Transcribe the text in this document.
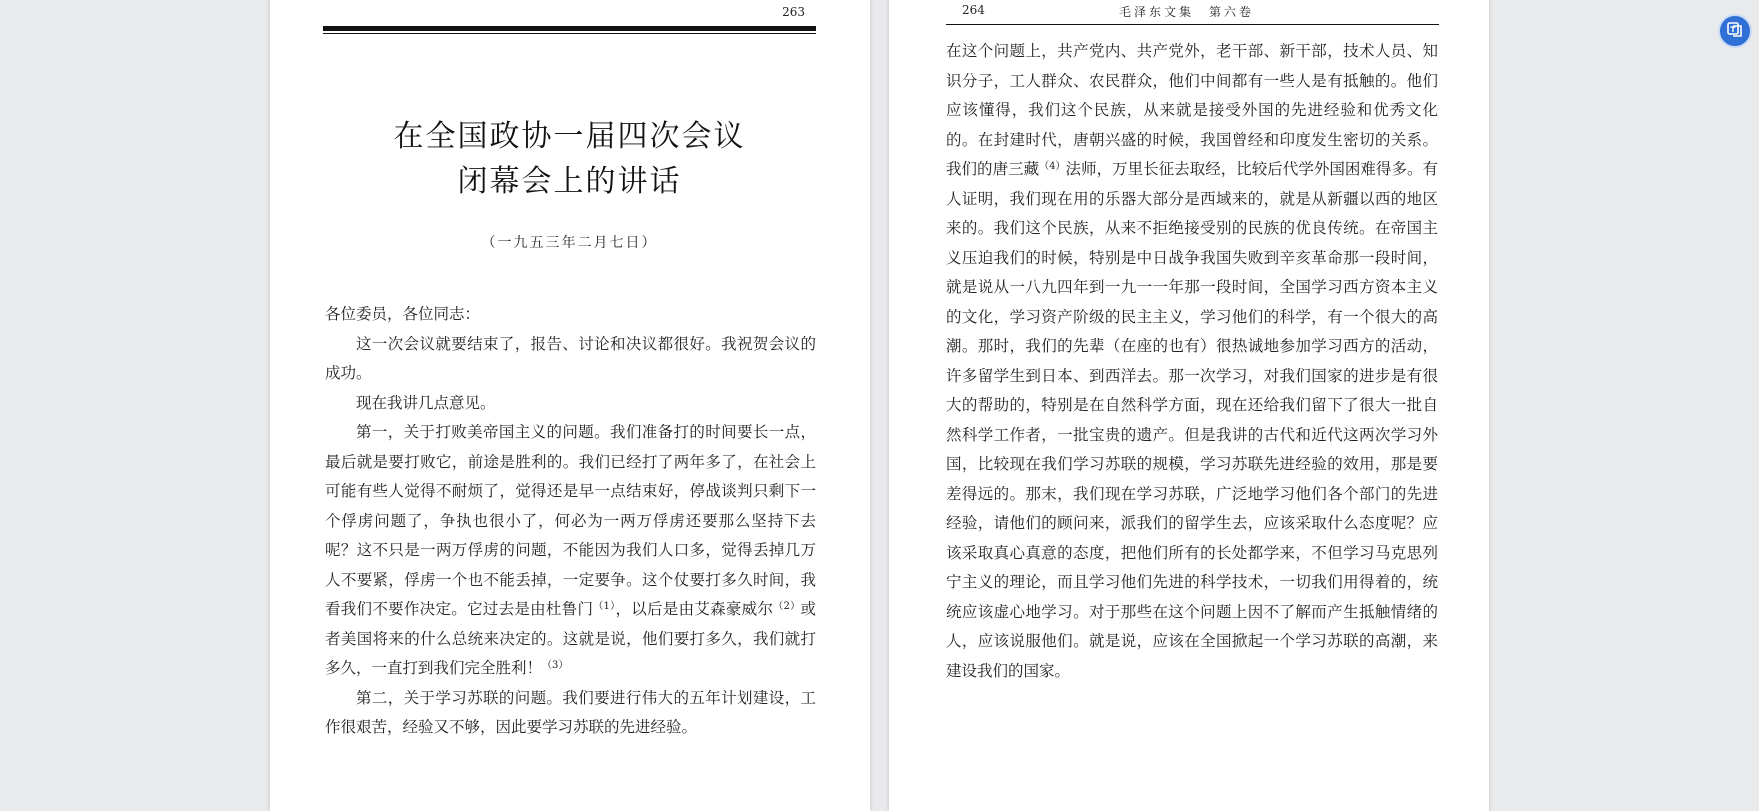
263
在全国政协一届四次会议
闭幕会上的讲话
（一九五三年二月七日）

各位委员，各位同志：

这一次会议就要结束了，报告、讨论和决议都很好。我祝贺会议的成功。

现在我讲几点意见。

第一，关于打败美帝国主义的问题。我们准备打的时间要长一点，最后就是要打败它，前途是胜利的。我们已经打了两年多了，在社会上可能有些人觉得不耐烦了，觉得还是早一点结束好，停战谈判只剩下一个俘虏问题了，争执也很小了，何必为一两万俘虏还要那么坚持下去呢？这不只是一两万俘虏的问题，不能因为我们人口多，觉得丢掉几万人不要紧，俘虏一个也不能丢掉，一定要争。这个仗要打多久时间，我看我们不要作决定。它过去是由杜鲁门$^{(1)}$，以后是由艾森豪威尔$^{(2)}$或者美国将来的什么总统来决定的。这就是说，他们要打多久，我们就打多久，一直打到我们完全胜利！$^{(3)}$

第二，关于学习苏联的问题。我们要进行伟大的五年计划建设，工作很艰苦，经验又不够，因此要学习苏联的先进经验。

264	毛泽东文集　第六卷

在这个问题上，共产党内、共产党外，老干部、新干部，技术人员、知识分子，工人群众、农民群众，他们中间都有一些人是有抵触的。他们应该懂得，我们这个民族，从来就是接受外国的先进经验和优秀文化的。在封建时代，唐朝兴盛的时候，我国曾经和印度发生密切的关系。我们的唐三藏$^{(4)}$法师，万里长征去取经，比较后代学外国困难得多。有人证明，我们现在用的乐器大部分是西域来的，就是从新疆以西的地区来的。我们这个民族，从来不拒绝接受别的民族的优良传统。在帝国主义压迫我们的时候，特别是中日战争我国失败到辛亥革命那一段时间，就是说从一八九四年到一九一一年那一段时间，全国学习西方资本主义的文化，学习资产阶级的民主主义，学习他们的科学，有一个很大的高潮。那时，我们的先辈（在座的也有）很热诚地参加学习西方的活动，许多留学生到日本、到西洋去。那一次学习，对我们国家的进步是有很大的帮助的，特别是在自然科学方面，现在还给我们留下了很大一批自然科学工作者，一批宝贵的遗产。但是我讲的古代和近代这两次学习外国，比较现在我们学习苏联的规模，学习苏联先进经验的效用，那是要差得远的。那末，我们现在学习苏联，广泛地学习他们各个部门的先进经验，请他们的顾问来，派我们的留学生去，应该采取什么态度呢？应该采取真心真意的态度，把他们所有的长处都学来，不但学习马克思列宁主义的理论，而且学习他们先进的科学技术，一切我们用得着的，统统应该虚心地学习。对于那些在这个问题上因不了解而产生抵触情绪的人，应该说服他们。就是说，应该在全国掀起一个学习苏联的高潮，来建设我们的国家。
